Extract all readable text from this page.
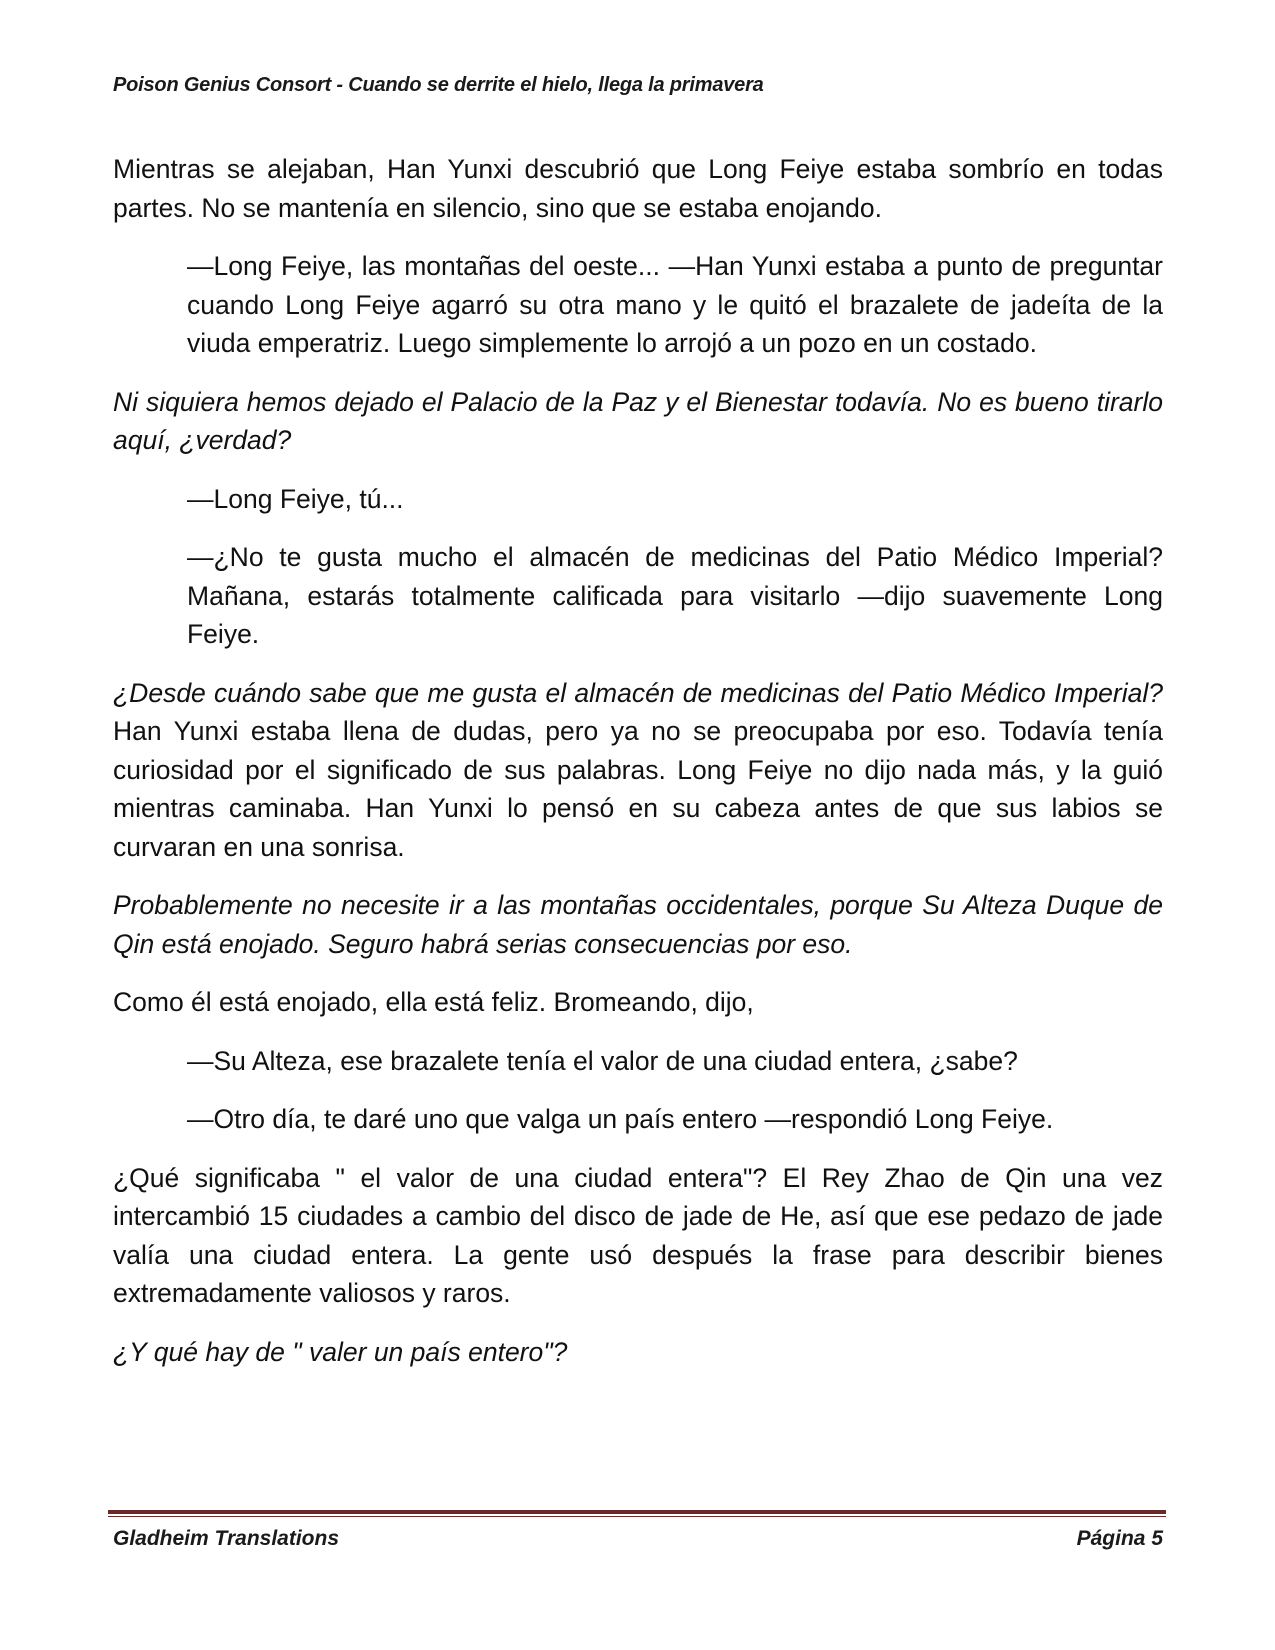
Poison Genius Consort - Cuando se derrite el hielo, llega la primavera

Mientras se alejaban, Han Yunxi descubrió que Long Feiye estaba sombrío en todas partes. No se mantenía en silencio, sino que se estaba enojando.

—Long Feiye, las montañas del oeste... —Han Yunxi estaba a punto de preguntar cuando Long Feiye agarró su otra mano y le quitó el brazalete de jadeíta de la viuda emperatriz. Luego simplemente lo arrojó a un pozo en un costado.

Ni siquiera hemos dejado el Palacio de la Paz y el Bienestar todavía. No es bueno tirarlo aquí, ¿verdad?

—Long Feiye, tú...

—¿No te gusta mucho el almacén de medicinas del Patio Médico Imperial? Mañana, estarás totalmente calificada para visitarlo —dijo suavemente Long Feiye.

¿Desde cuándo sabe que me gusta el almacén de medicinas del Patio Médico Imperial? Han Yunxi estaba llena de dudas, pero ya no se preocupaba por eso. Todavía tenía curiosidad por el significado de sus palabras. Long Feiye no dijo nada más, y la guió mientras caminaba. Han Yunxi lo pensó en su cabeza antes de que sus labios se curvaran en una sonrisa.

Probablemente no necesite ir a las montañas occidentales, porque Su Alteza Duque de Qin está enojado. Seguro habrá serias consecuencias por eso.

Como él está enojado, ella está feliz. Bromeando, dijo,

—Su Alteza, ese brazalete tenía el valor de una ciudad entera, ¿sabe?

—Otro día, te daré uno que valga un país entero —respondió Long Feiye.

¿Qué significaba " el valor de una ciudad entera"? El Rey Zhao de Qin una vez intercambió 15 ciudades a cambio del disco de jade de He, así que ese pedazo de jade valía una ciudad entera. La gente usó después la frase para describir bienes extremadamente valiosos y raros.

¿Y qué hay de " valer un país entero"?

Gladheim Translations	Página 5
